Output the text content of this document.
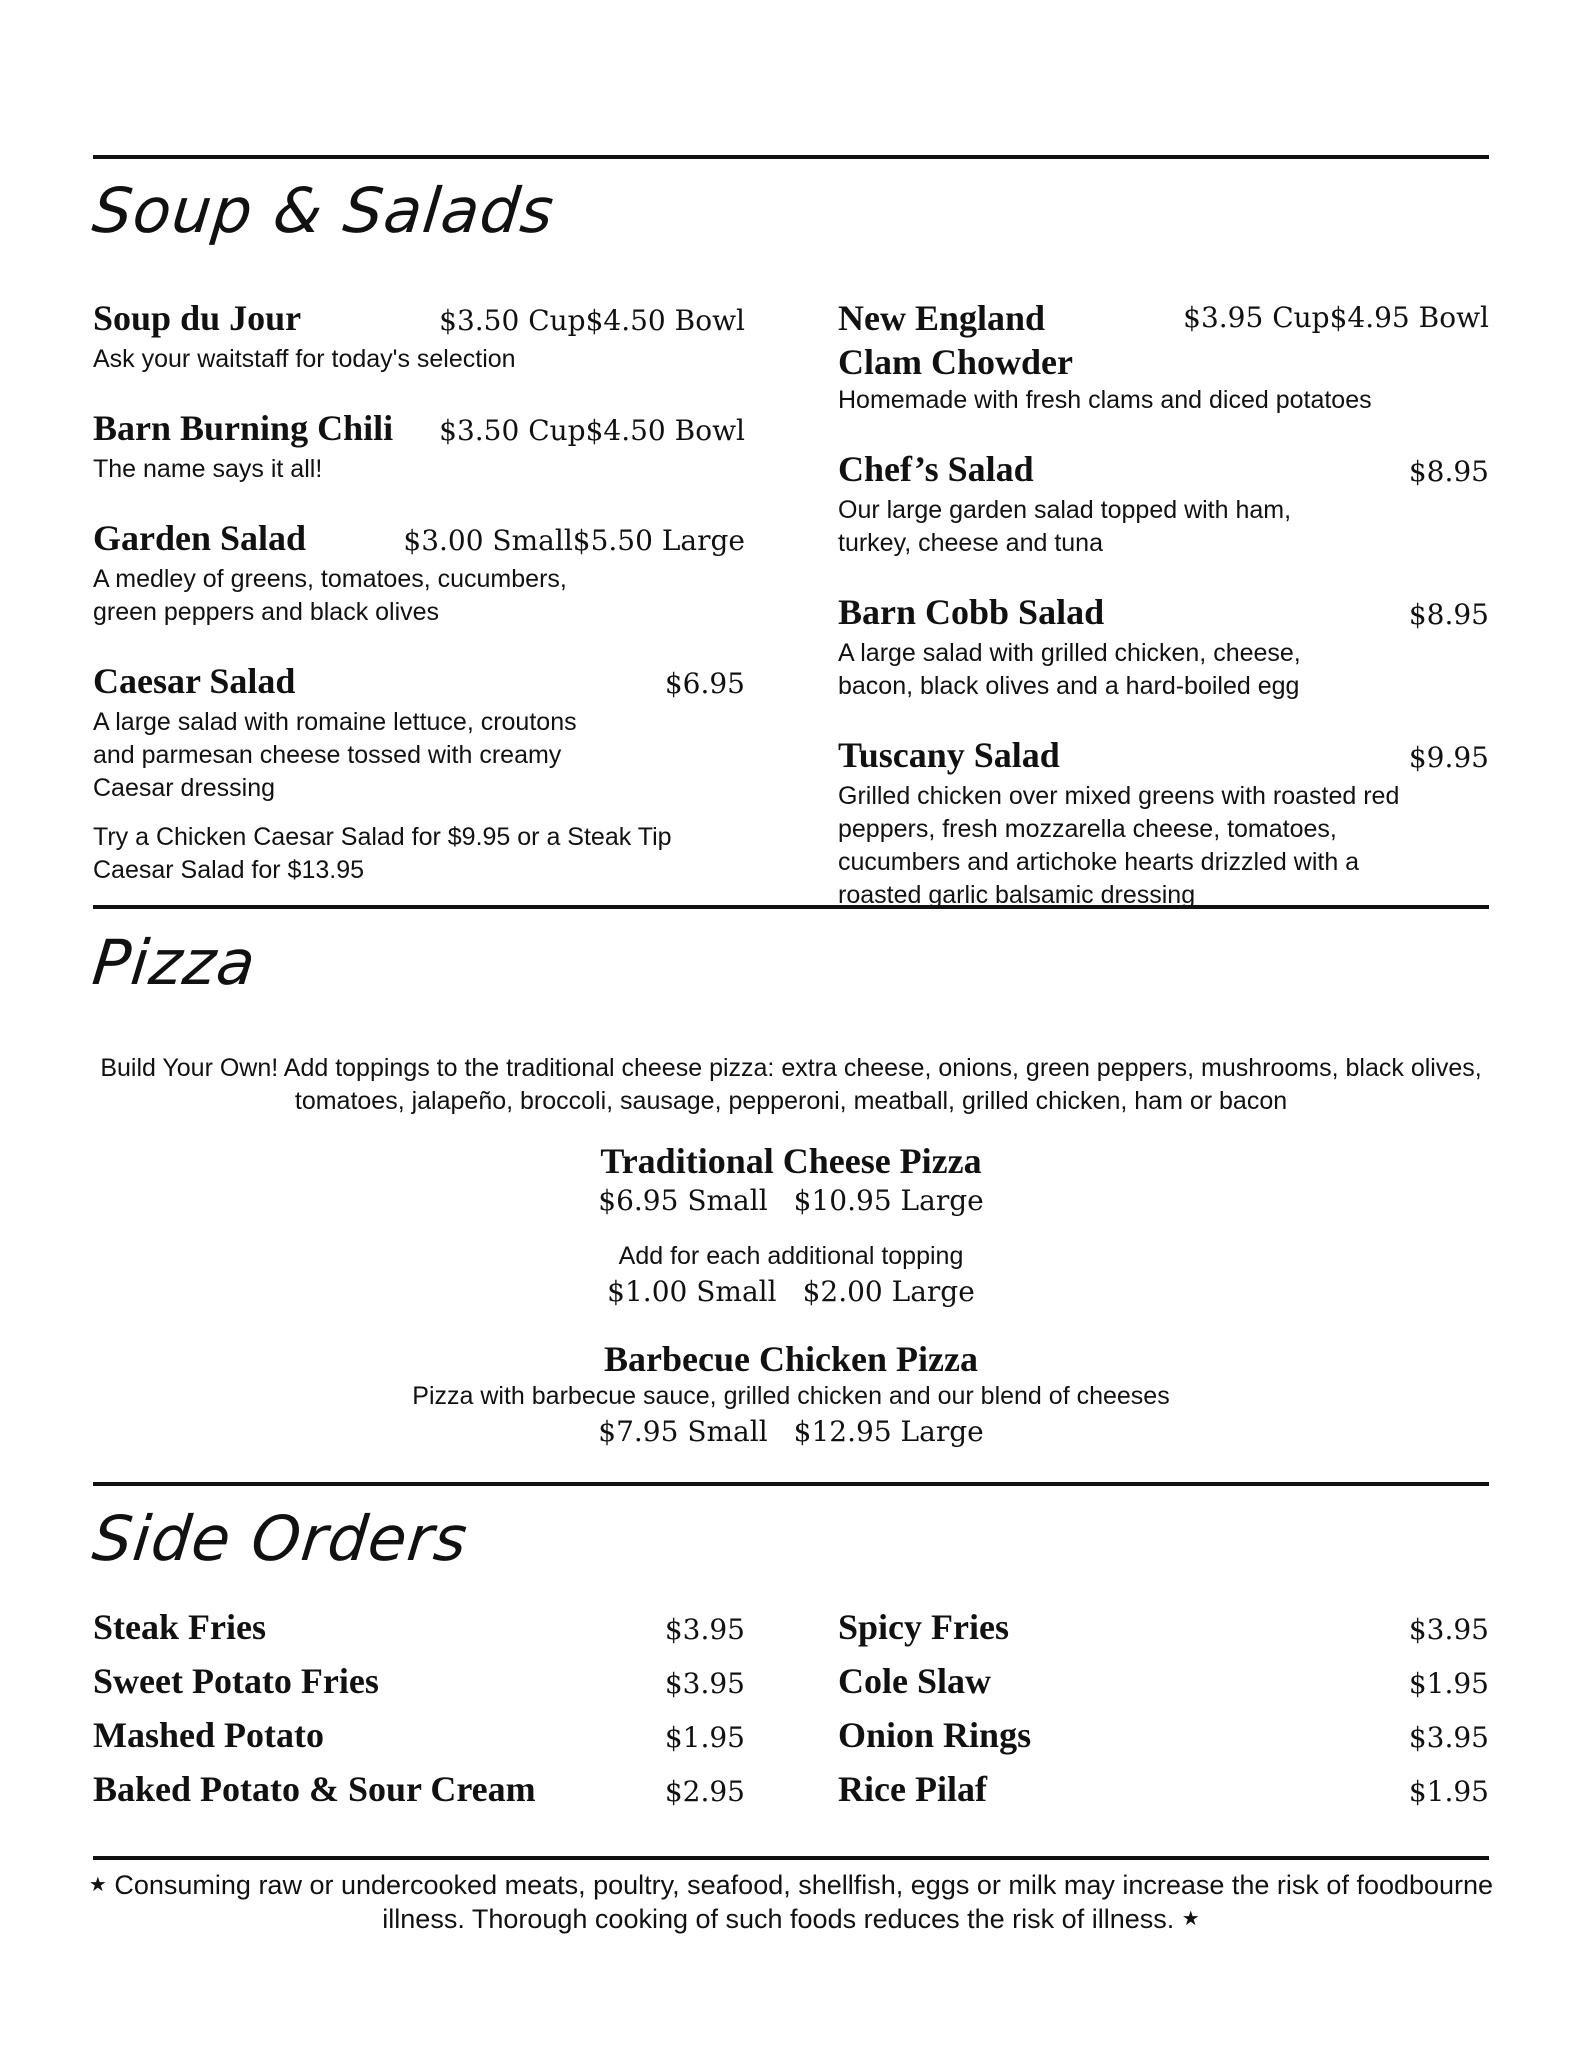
Soup & Salads
Soup du Jour	$3.50 Cup$4.50 Bowl
Ask your waitstaff for today's selection
Barn Burning Chili $3.50 Cup$4.50 Bowl
The name says it all!
Garden Salad	$3.00 Small$5.50 Large
A medley of greens, tomatoes, cucumbers, green peppers and black olives
Caesar Salad	$6.95
A large salad with romaine lettuce, croutons and parmesan cheese tossed with creamy Caesar dressing
Try a Chicken Caesar Salad for $9.95 or a Steak Tip Caesar Salad for $13.95
New England
Clam Chowder
$3.95 Cup$4.95 Bowl
Homemade with fresh clams and diced potatoes
Chef’s Salad	$8.95
Our large garden salad topped with ham, turkey, cheese and tuna
Barn Cobb Salad	$8.95
A large salad with grilled chicken, cheese, bacon, black olives and a hard-boiled egg
Tuscany Salad	$9.95
Grilled chicken over mixed greens with roasted red peppers, fresh mozzarella cheese, tomatoes, cucumbers and artichoke hearts drizzled with a roasted garlic balsamic dressing
Pizza
Build Your Own! Add toppings to the traditional cheese pizza: extra cheese, onions, green peppers, mushrooms, black olives, tomatoes, jalapeño, broccoli, sausage, pepperoni, meatball, grilled chicken, ham or bacon
Traditional Cheese Pizza
$6.95 Small $10.95 Large
Add for each additional topping
$1.00 Small $2.00 Large
Barbecue Chicken Pizza
Pizza with barbecue sauce, grilled chicken and our blend of cheeses
$7.95 Small $12.95 Large
Side Orders
Steak Fries	$3.95
Sweet Potato Fries	$3.95
Mashed Potato	$1.95
Baked Potato & Sour Cream	$2.95
Spicy Fries	$3.95
Cole Slaw	$1.95
Onion Rings	$3.95
Rice Pilaf	$1.95
★ Consuming raw or undercooked meats, poultry, seafood, shellfish, eggs or milk may increase the risk of foodbourne illness. Thorough cooking of such foods reduces the risk of illness. ★
